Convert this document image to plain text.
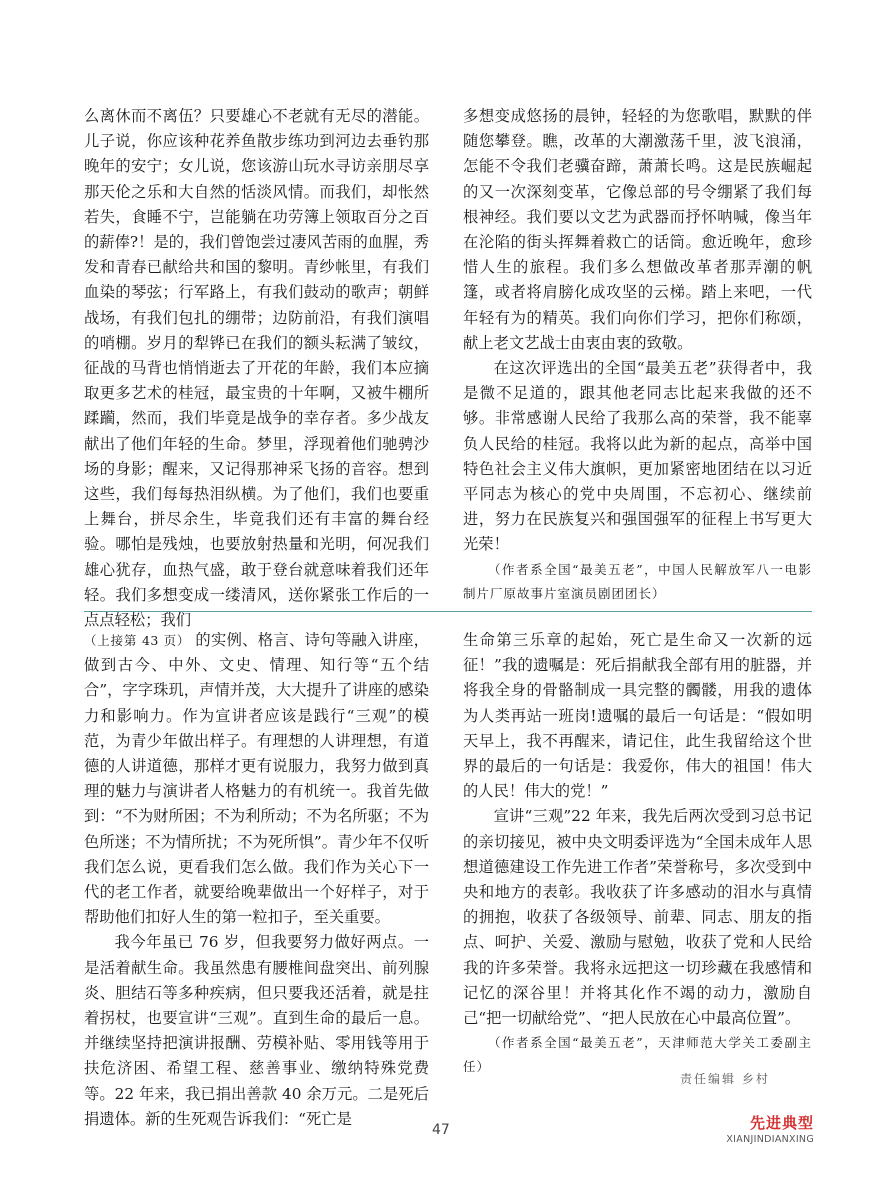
么离休而不离伍？只要雄心不老就有无尽的潜能。儿子说，你应该种花养鱼散步练功到河边去垂钓那晚年的安宁；女儿说，您该游山玩水寻访亲朋尽享那天伦之乐和大自然的恬淡风情。而我们，却怅然若失，食睡不宁，岂能躺在功劳簿上领取百分之百的薪俸?！是的，我们曾饱尝过凄风苦雨的血腥，秀发和青春已献给共和国的黎明。青纱帐里，有我们血染的琴弦；行军路上，有我们鼓动的歌声；朝鲜战场，有我们包扎的绷带；边防前沿，有我们演唱的哨棚。岁月的犁铧已在我们的额头耘满了皱纹，征战的马背也悄悄逝去了开花的年龄，我们本应摘取更多艺术的桂冠，最宝贵的十年啊，又被牛棚所蹂躏，然而，我们毕竟是战争的幸存者。多少战友献出了他们年轻的生命。梦里，浮现着他们驰骋沙场的身影；醒来，又记得那神采飞扬的音容。想到这些，我们每每热泪纵横。为了他们，我们也要重上舞台，拼尽余生，毕竟我们还有丰富的舞台经验。哪怕是残烛，也要放射热量和光明，何况我们雄心犹存，血热气盛，敢于登台就意味着我们还年轻。我们多想变成一缕清风，送你紧张工作后的一点点轻松；我们

多想变成悠扬的晨钟，轻轻的为您歌唱，默默的伴随您攀登。瞧，改革的大潮激荡千里，波飞浪涌，怎能不令我们老骥奋蹄，萧萧长鸣。这是民族崛起的又一次深刻变革，它像总部的号令绷紧了我们每根神经。我们要以文艺为武器而抒怀呐喊，像当年在沦陷的街头挥舞着救亡的话筒。愈近晚年，愈珍惜人生的旅程。我们多么想做改革者那弄潮的帆篷，或者将肩膀化成攻坚的云梯。踏上来吧，一代年轻有为的精英。我们向你们学习，把你们称颂，献上老文艺战士由衷由衷的致敬。

在这次评选出的全国“最美五老”获得者中，我是微不足道的，跟其他老同志比起来我做的还不够。非常感谢人民给了我那么高的荣誉，我不能辜负人民给的桂冠。我将以此为新的起点，高举中国特色社会主义伟大旗帜，更加紧密地团结在以习近平同志为核心的党中央周围，不忘初心、继续前进，努力在民族复兴和强国强军的征程上书写更大光荣！

（作者系全国“最美五老”，中国人民解放军八一电影制片厂原故事片室演员剧团团长）

（上接第 43 页） 的实例、格言、诗句等融入讲座，做到古今、中外、文史、情理、知行等“五个结合”，字字珠玑，声情并茂，大大提升了讲座的感染力和影响力。作为宣讲者应该是践行“三观”的模范，为青少年做出样子。有理想的人讲理想，有道德的人讲道德，那样才更有说服力，我努力做到真理的魅力与演讲者人格魅力的有机统一。我首先做到：“不为财所困；不为利所动；不为名所驱；不为色所迷；不为情所扰；不为死所惧”。青少年不仅听我们怎么说，更看我们怎么做。我们作为关心下一代的老工作者，就要给晚辈做出一个好样子，对于帮助他们扣好人生的第一粒扣子，至关重要。

我今年虽已 76 岁，但我要努力做好两点。一是活着献生命。我虽然患有腰椎间盘突出、前列腺炎、胆结石等多种疾病，但只要我还活着，就是拄着拐杖，也要宣讲“三观”。直到生命的最后一息。并继续坚持把演讲报酬、劳模补贴、零用钱等用于扶危济困、希望工程、慈善事业、缴纳特殊党费等。22 年来，我已捐出善款 40 余万元。二是死后捐遗体。新的生死观告诉我们：“死亡是

生命第三乐章的起始，死亡是生命又一次新的远征！”我的遗嘱是：死后捐献我全部有用的脏器，并将我全身的骨骼制成一具完整的髑髅，用我的遗体为人类再站一班岗!遗嘱的最后一句话是：“假如明天早上，我不再醒来，请记住，此生我留给这个世界的最后的一句话是：我爱你，伟大的祖国！伟大的人民！伟大的党！”

宣讲“三观”22 年来，我先后两次受到习总书记的亲切接见，被中央文明委评选为“全国未成年人思想道德建设工作先进工作者”荣誉称号，多次受到中央和地方的表彰。我收获了许多感动的泪水与真情的拥抱，收获了各级领导、前辈、同志、朋友的指点、呵护、关爱、激励与慰勉，收获了党和人民给我的许多荣誉。我将永远把这一切珍藏在我感情和记忆的深谷里！并将其化作不竭的动力，激励自己“把一切献给党”、“把人民放在心中最高位置”。

（作者系全国“最美五老”，天津师范大学关工委副主任）

责任编辑 乡村
47	先进典型
XIANJINDIANXING
